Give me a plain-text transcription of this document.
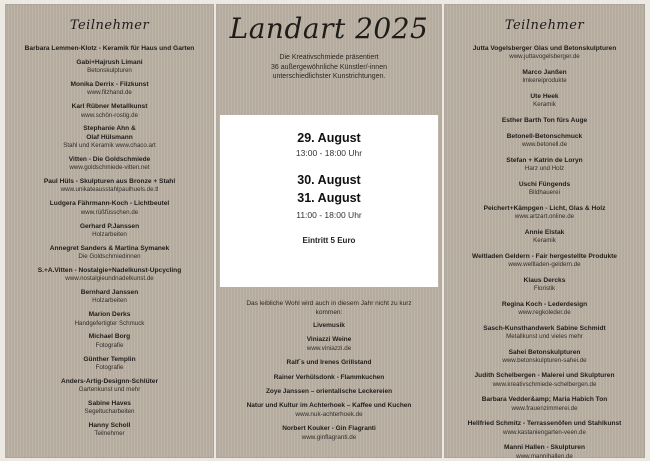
Teilnehmer
Barbara Lemmen-Klotz - Keramik für Haus und Garten
Gabi+Hajrush Limani
Betonskulpturen
Monika Derrix - Filzkunst
www.filzhand.de
Karl Rübner Metallkunst
www.schön-rostig.de
Stephanie Ahn &
Olaf Hülsmann
Stahl und Keramik www.chaco.art
Vitten - Die Goldschmiede
www.goldschmiede-vitten.net
Paul Hüls - Skulpturen aus Bronze + Stahl
www.unikateausstahlpaulhuels.de.tl
Ludgera Fährmann-Koch - Lichtbeutel
www.rüßfüsschen.de
Gerhard P.Janssen
Holzarbeiten
Annegret Sanders & Martina Symanek
Die Goldschmiedinnen
S.+A.Vitten - Nostalgie+Nadelkunst-Upcycling
www.nostalgieundnadelkunst.de
Bernhard Janssen
Holzarbeiten
Marion Derks
Handgefertigter Schmuck
Michael Borg
Fotografie
Günther Templin
Fotografie
Anders-Artig-Designn-Schlüter
Gartenkunst und mehr
Sabine Haves
Segeltucharbeiten
Hanny Scholl
Teilnehmer
Landart 2025
Die Kreativschmiede präsentiert
36 außergewöhnliche Künstler/-innen
unterschiedlichster Kunstrichtungen.
29. August
13:00 - 18:00 Uhr
30. August
31. August
11:00 - 18:00 Uhr
Eintritt 5 Euro
Das leibliche Wohl wird auch in diesem Jahr nicht zu kurz
kommen:
Livemusik
Viniazzi Weine
www.viniazzi.de
Ralf´s und Irenes Grillstand
Rainer Verhülsdonk - Flammkuchen
Zoye Janssen – orientalische Leckereien
Natur und Kultur im Achterhoek – Kaffee und Kuchen
www.nuk-achterhoek.de
Norbert Kouker - Gin Flagranti
www.ginflagranti.de
Teilnehmer
Jutta Vogelsberger Glas und Betonskulpturen
www.juttavogelsberger.de
Marco Janßen
Imkereiprodukte
Ute Heek
Keramik
Esther Barth Ton fürs Auge
Betonell-Betonschmuck
www.betonell.de
Stefan + Katrin de Loryn
Harz und Holz
Uschi Füngends
Bildhauerei
Peichert+Kämpgen - Licht, Glas & Holz
www.artzart.online.de
Annie Elstak
Keramik
Weltladen Geldern - Fair hergestellte Produkte
www.weltladen-geldern.de
Klaus Dercks
Floristik
Regina Koch - Lederdesign
www.regkoleder.de
Sasch-Kunsthandwerk Sabine Schmidt
Metallkunst und vieles mehr
Sahei Betonskulpturen
www.betonskulpturen-sahei.de
Judith Schelbergen - Malerei und Skulpturen
www.kreativschmiede-schelbergen.de
Barbara Vedder&amp; Maria Habich Ton
www.frauenzimmerei.de
Hellfried Schmitz - Terrassenöfen und Stahlkunst
www.kastaniengarten-veen.de
Manni Hallen - Skulpturen
www.mannihallen.de
